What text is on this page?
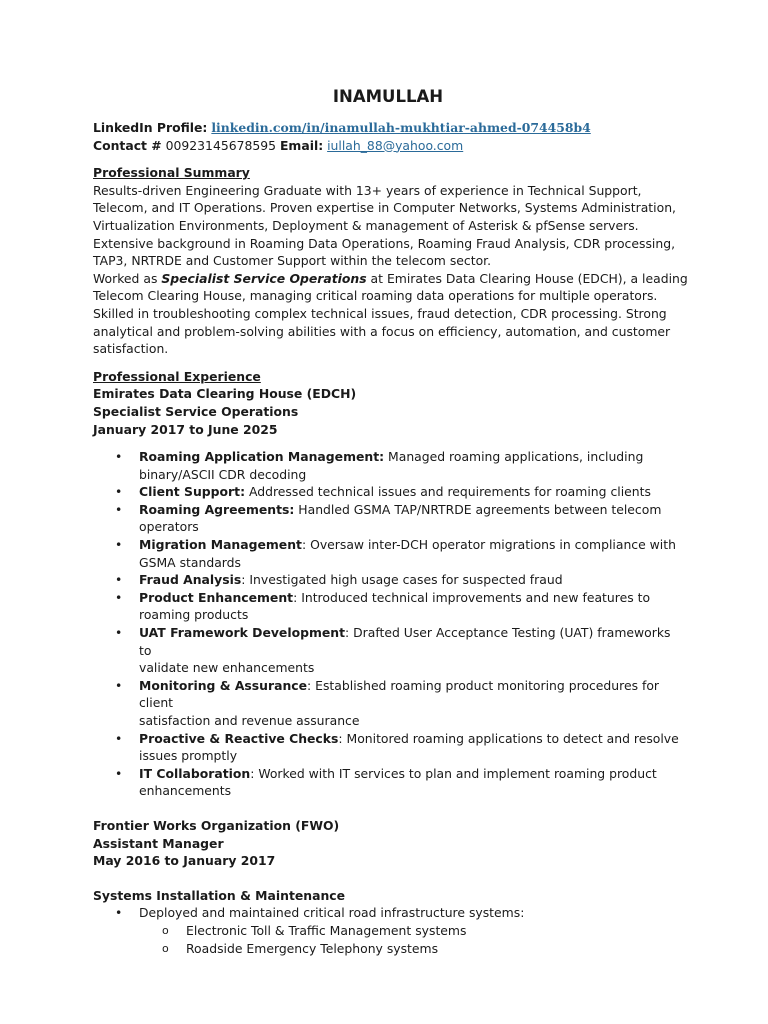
INAMULLAH
LinkedIn Profile: linkedin.com/in/inamullah-mukhtiar-ahmed-074458b4
Contact # 00923145678595 Email: iullah_88@yahoo.com
Professional Summary
Results-driven Engineering Graduate with 13+ years of experience in Technical Support,
Telecom, and IT Operations. Proven expertise in Computer Networks, Systems Administration,
Virtualization Environments, Deployment & management of Asterisk & pfSense servers.
Extensive background in Roaming Data Operations, Roaming Fraud Analysis, CDR processing,
TAP3, NRTRDE and Customer Support within the telecom sector.
Worked as Specialist Service Operations at Emirates Data Clearing House (EDCH), a leading
Telecom Clearing House, managing critical roaming data operations for multiple operators.
Skilled in troubleshooting complex technical issues, fraud detection, CDR processing. Strong
analytical and problem-solving abilities with a focus on efficiency, automation, and customer
satisfaction.
Professional Experience
Emirates Data Clearing House (EDCH)
Specialist Service Operations
January 2017 to June 2025
• Roaming Application Management: Managed roaming applications, including
binary/ASCII CDR decoding
• Client Support: Addressed technical issues and requirements for roaming clients
• Roaming Agreements: Handled GSMA TAP/NRTRDE agreements between telecom
operators
• Migration Management: Oversaw inter-DCH operator migrations in compliance with
GSMA standards
• Fraud Analysis: Investigated high usage cases for suspected fraud
• Product Enhancement: Introduced technical improvements and new features to
roaming products
• UAT Framework Development: Drafted User Acceptance Testing (UAT) frameworks to
validate new enhancements
• Monitoring & Assurance: Established roaming product monitoring procedures for client
satisfaction and revenue assurance
• Proactive & Reactive Checks: Monitored roaming applications to detect and resolve
issues promptly
• IT Collaboration: Worked with IT services to plan and implement roaming product
enhancements
Frontier Works Organization (FWO)
Assistant Manager
May 2016 to January 2017
Systems Installation & Maintenance
• Deployed and maintained critical road infrastructure systems:
o Electronic Toll & Traffic Management systems
o Roadside Emergency Telephony systems
